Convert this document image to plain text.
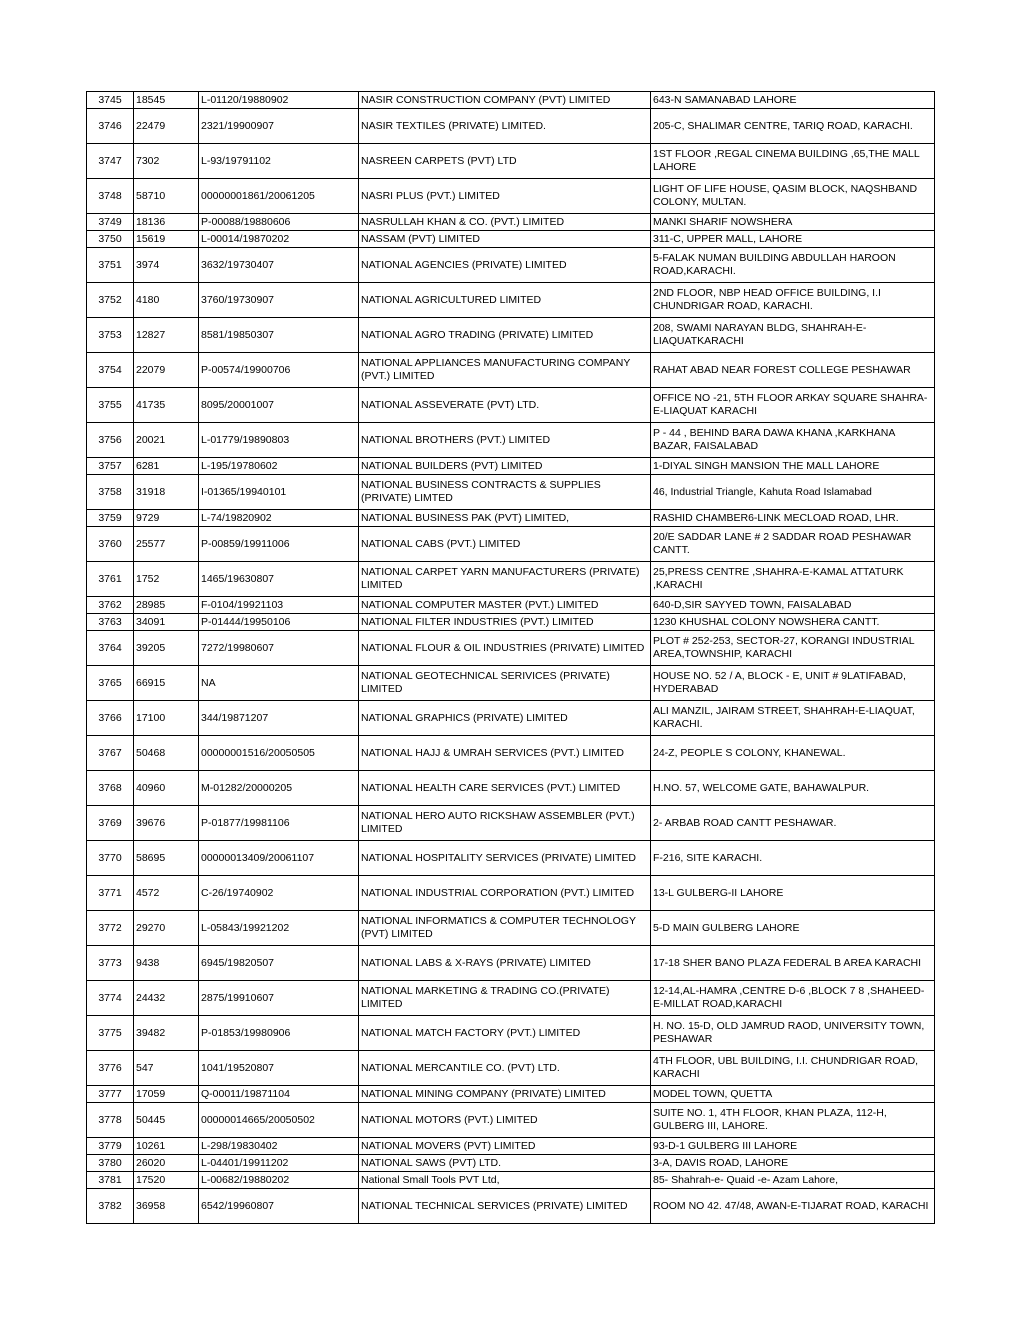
3745	18545	L-01120/19880902	NASIR CONSTRUCTION COMPANY (PVT) LIMITED	643-N SAMANABAD LAHORE
3746	22479	2321/19900907	NASIR TEXTILES (PRIVATE) LIMITED.	205-C, SHALIMAR CENTRE, TARIQ ROAD, KARACHI.
3747	7302	L-93/19791102	NASREEN CARPETS (PVT) LTD	1ST FLOOR ,REGAL CINEMA BUILDING ,65,THE MALL LAHORE
3748	58710	00000001861/20061205	NASRI PLUS (PVT.) LIMITED	LIGHT OF LIFE HOUSE, QASIM BLOCK, NAQSHBAND COLONY, MULTAN.
3749	18136	P-00088/19880606	NASRULLAH KHAN & CO. (PVT.) LIMITED	MANKI SHARIF NOWSHERA
3750	15619	L-00014/19870202	NASSAM (PVT) LIMITED	311-C, UPPER MALL, LAHORE
3751	3974	3632/19730407	NATIONAL AGENCIES (PRIVATE) LIMITED	5-FALAK NUMAN BUILDING ABDULLAH HAROON ROAD,KARACHI.
3752	4180	3760/19730907	NATIONAL AGRICULTURED LIMITED	2ND FLOOR, NBP HEAD OFFICE BUILDING, I.I CHUNDRIGAR ROAD, KARACHI.
3753	12827	8581/19850307	NATIONAL AGRO TRADING (PRIVATE) LIMITED	208, SWAMI NARAYAN BLDG, SHAHRAH-E-LIAQUATKARACHI
3754	22079	P-00574/19900706	NATIONAL APPLIANCES MANUFACTURING COMPANY (PVT.) LIMITED	RAHAT ABAD NEAR FOREST COLLEGE PESHAWAR
3755	41735	8095/20001007	NATIONAL ASSEVERATE (PVT) LTD.	OFFICE NO -21, 5TH FLOOR ARKAY SQUARE SHAHRA-E-LIAQUAT KARACHI
3756	20021	L-01779/19890803	NATIONAL BROTHERS (PVT.) LIMITED	P - 44 , BEHIND BARA DAWA KHANA ,KARKHANA BAZAR, FAISALABAD
3757	6281	L-195/19780602	NATIONAL BUILDERS (PVT) LIMITED	1-DIYAL SINGH MANSION THE MALL LAHORE
3758	31918	I-01365/19940101	NATIONAL BUSINESS CONTRACTS & SUPPLIES (PRIVATE) LIMTED	46, Industrial Triangle, Kahuta Road Islamabad
3759	9729	L-74/19820902	NATIONAL BUSINESS PAK (PVT) LIMITED,	RASHID CHAMBER6-LINK MECLOAD ROAD, LHR.
3760	25577	P-00859/19911006	NATIONAL CABS (PVT.) LIMITED	20/E SADDAR LANE # 2 SADDAR ROAD PESHAWAR CANTT.
3761	1752	1465/19630807	NATIONAL CARPET YARN MANUFACTURERS (PRIVATE) LIMITED	25,PRESS CENTRE ,SHAHRA-E-KAMAL ATTATURK ,KARACHI
3762	28985	F-0104/19921103	NATIONAL COMPUTER MASTER (PVT.) LIMITED	640-D,SIR SAYYED TOWN, FAISALABAD
3763	34091	P-01444/19950106	NATIONAL FILTER INDUSTRIES (PVT.) LIMITED	1230 KHUSHAL COLONY NOWSHERA CANTT.
3764	39205	7272/19980607	NATIONAL FLOUR & OIL INDUSTRIES (PRIVATE) LIMITED	PLOT # 252-253, SECTOR-27, KORANGI INDUSTRIAL AREA,TOWNSHIP, KARACHI
3765	66915	NA	NATIONAL GEOTECHNICAL SERIVICES (PRIVATE) LIMITED	HOUSE NO. 52 / A, BLOCK - E, UNIT # 9LATIFABAD, HYDERABAD
3766	17100	344/19871207	NATIONAL GRAPHICS (PRIVATE) LIMITED	ALI MANZIL, JAIRAM STREET, SHAHRAH-E-LIAQUAT, KARACHI.
3767	50468	00000001516/20050505	NATIONAL HAJJ & UMRAH SERVICES (PVT.) LIMITED	24-Z, PEOPLE S COLONY, KHANEWAL.
3768	40960	M-01282/20000205	NATIONAL HEALTH CARE SERVICES (PVT.) LIMITED	H.NO. 57, WELCOME GATE, BAHAWALPUR.
3769	39676	P-01877/19981106	NATIONAL HERO AUTO RICKSHAW ASSEMBLER (PVT.) LIMITED	2- ARBAB ROAD CANTT PESHAWAR.
3770	58695	00000013409/20061107	NATIONAL HOSPITALITY SERVICES (PRIVATE) LIMITED	F-216, SITE KARACHI.
3771	4572	C-26/19740902	NATIONAL INDUSTRIAL CORPORATION (PVT.) LIMITED	13-L GULBERG-II LAHORE
3772	29270	L-05843/19921202	NATIONAL INFORMATICS & COMPUTER TECHNOLOGY (PVT) LIMITED	5-D MAIN GULBERG LAHORE
3773	9438	6945/19820507	NATIONAL LABS & X-RAYS (PRIVATE) LIMITED	17-18 SHER BANO PLAZA FEDERAL B AREA KARACHI
3774	24432	2875/19910607	NATIONAL MARKETING & TRADING CO.(PRIVATE) LIMITED	12-14,AL-HAMRA ,CENTRE D-6 ,BLOCK 7 8 ,SHAHEED-E-MILLAT ROAD,KARACHI
3775	39482	P-01853/19980906	NATIONAL MATCH FACTORY (PVT.) LIMITED	H. NO. 15-D, OLD JAMRUD RAOD, UNIVERSITY TOWN, PESHAWAR
3776	547	1041/19520807	NATIONAL MERCANTILE CO. (PVT) LTD.	4TH FLOOR, UBL BUILDING, I.I. CHUNDRIGAR ROAD, KARACHI
3777	17059	Q-00011/19871104	NATIONAL MINING COMPANY (PRIVATE) LIMITED	MODEL TOWN, QUETTA
3778	50445	00000014665/20050502	NATIONAL MOTORS (PVT.) LIMITED	SUITE NO. 1, 4TH FLOOR, KHAN PLAZA, 112-H, GULBERG III, LAHORE.
3779	10261	L-298/19830402	NATIONAL MOVERS (PVT) LIMITED	93-D-1 GULBERG III LAHORE
3780	26020	L-04401/19911202	NATIONAL SAWS (PVT) LTD.	3-A, DAVIS ROAD, LAHORE
3781	17520	L-00682/19880202	National Small Tools PVT Ltd,	85- Shahrah-e- Quaid -e- Azam Lahore,
3782	36958	6542/19960807	NATIONAL TECHNICAL SERVICES (PRIVATE) LIMITED	ROOM NO 42. 47/48, AWAN-E-TIJARAT ROAD, KARACHI
